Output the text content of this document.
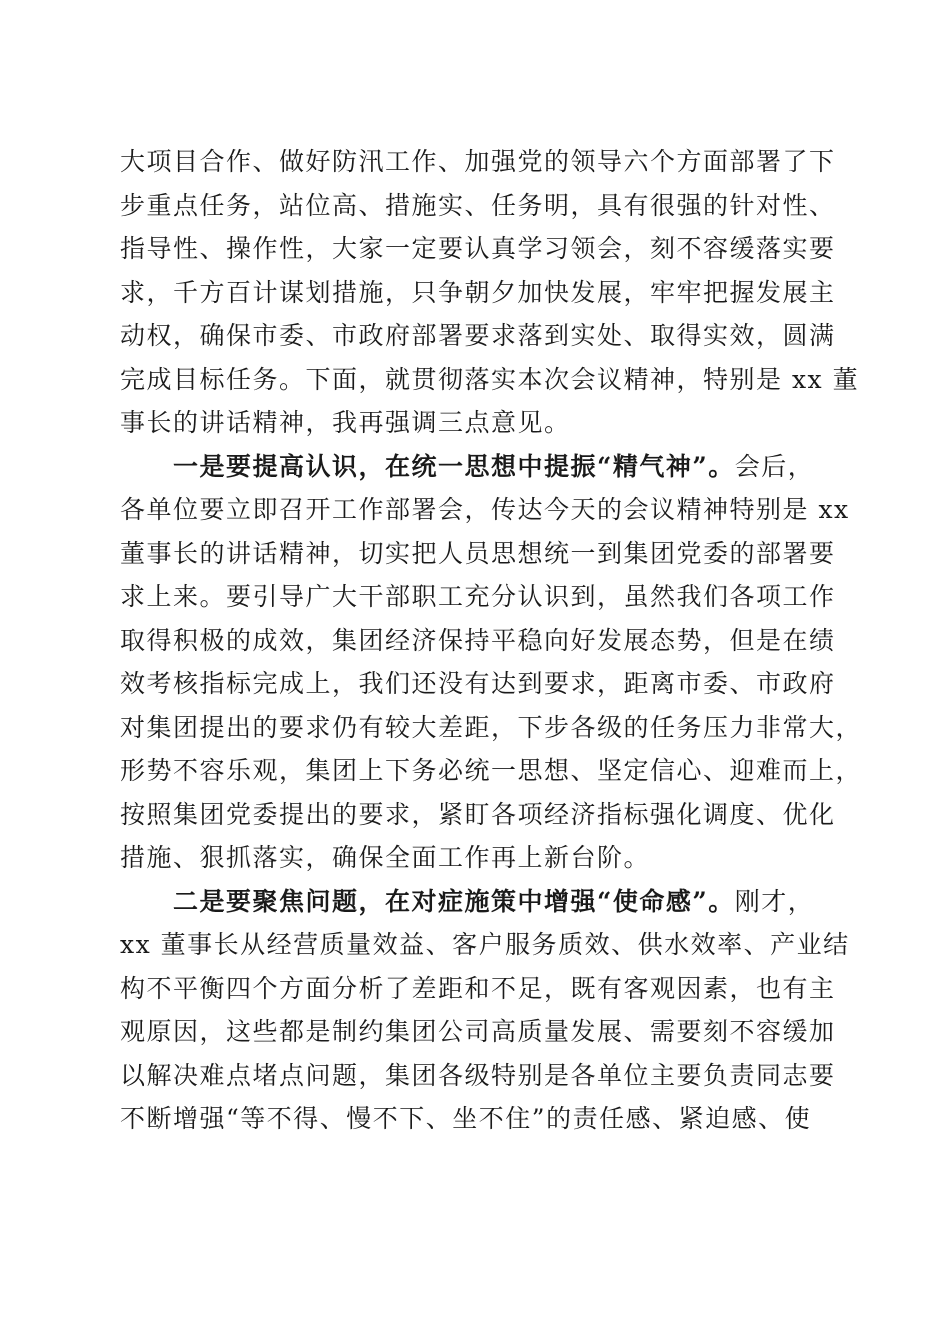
大项目合作、做好防汛工作、加强党的领导六个方面部署了下
步重点任务，站位高、措施实、任务明，具有很强的针对性、
指导性、操作性，大家一定要认真学习领会，刻不容缓落实要
求，千方百计谋划措施，只争朝夕加快发展，牢牢把握发展主
动权，确保市委、市政府部署要求落到实处、取得实效，圆满
完成目标任务。下面，就贯彻落实本次会议精神，特别是 xx 董
事长的讲话精神，我再强调三点意见。
　　一是要提高认识，在统一思想中提振“精气神”。会后，
各单位要立即召开工作部署会，传达今天的会议精神特别是 xx
董事长的讲话精神，切实把人员思想统一到集团党委的部署要
求上来。要引导广大干部职工充分认识到，虽然我们各项工作
取得积极的成效，集团经济保持平稳向好发展态势，但是在绩
效考核指标完成上，我们还没有达到要求，距离市委、市政府
对集团提出的要求仍有较大差距，下步各级的任务压力非常大，
形势不容乐观，集团上下务必统一思想、坚定信心、迎难而上，
按照集团党委提出的要求，紧盯各项经济指标强化调度、优化
措施、狠抓落实，确保全面工作再上新台阶。
　　二是要聚焦问题，在对症施策中增强“使命感”。刚才，
xx 董事长从经营质量效益、客户服务质效、供水效率、产业结
构不平衡四个方面分析了差距和不足，既有客观因素，也有主
观原因，这些都是制约集团公司高质量发展、需要刻不容缓加
以解决难点堵点问题，集团各级特别是各单位主要负责同志要
不断增强“等不得、慢不下、坐不住”的责任感、紧迫感、使
